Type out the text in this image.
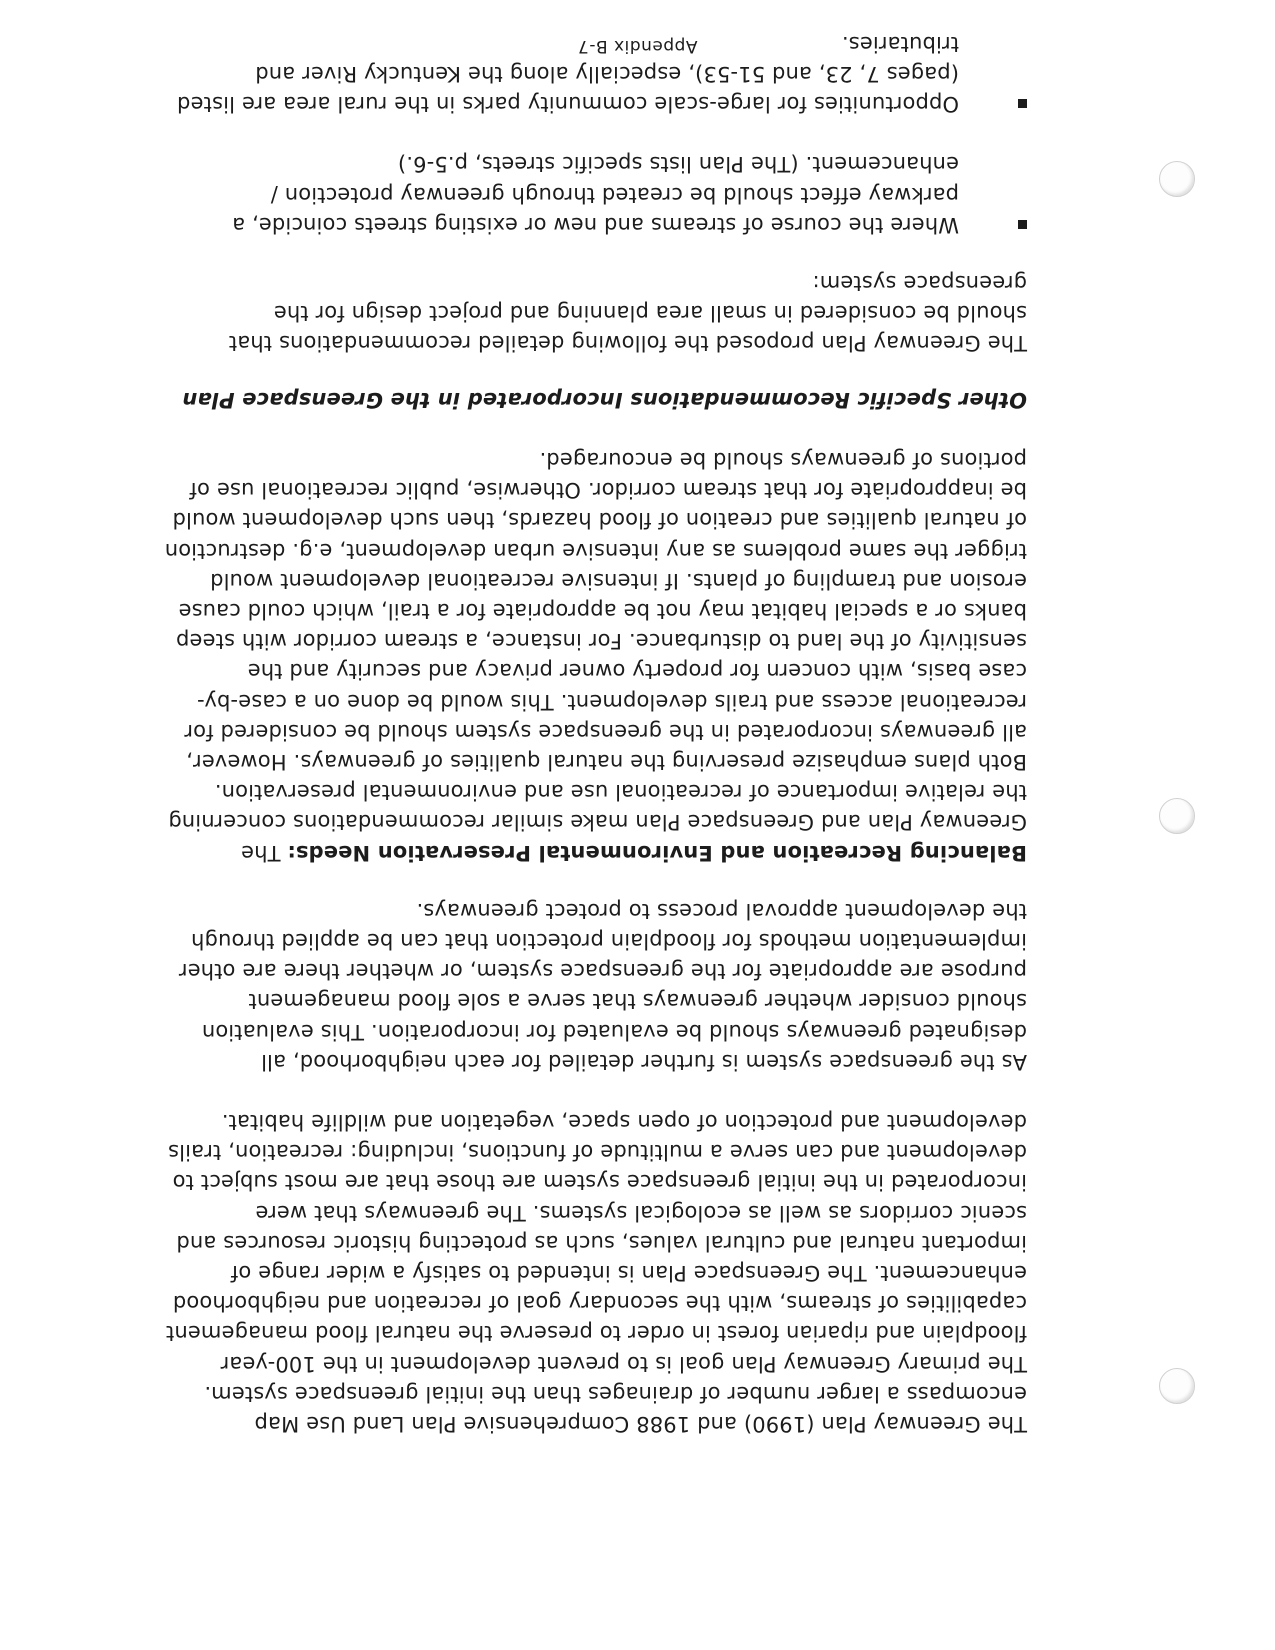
The Greenway Plan (1990) and 1988 Comprehensive Plan Land Use Map encompass a larger number of drainages than the initial greenspace system. The primary Greenway Plan goal is to prevent development in the 100-year floodplain and riparian forest in order to preserve the natural flood management capabilities of streams, with the secondary goal of recreation and neighborhood enhancement. The Greenspace Plan is intended to satisfy a wider range of important natural and cultural values, such as protecting historic resources and scenic corridors as well as ecological systems. The greenways that were incorporated in the initial greenspace system are those that are most subject to development and can serve a multitude of functions, including: recreation, trails development and protection of open space, vegetation and wildlife habitat.

As the greenspace system is further detailed for each neighborhood, all designated greenways should be evaluated for incorporation. This evaluation should consider whether greenways that serve a sole flood management purpose are appropriate for the greenspace system, or whether there are other implementation methods for floodplain protection that can be applied through the development approval process to protect greenways.

Balancing Recreation and Environmental Preservation Needs: The Greenway Plan and Greenspace Plan make similar recommendations concerning the relative importance of recreational use and environmental preservation. Both plans emphasize preserving the natural qualities of greenways. However, all greenways incorporated in the greenspace system should be considered for recreational access and trails development. This would be done on a case-by-case basis, with concern for property owner privacy and security and the sensitivity of the land to disturbance. For instance, a stream corridor with steep banks or a special habitat may not be appropriate for a trail, which could cause erosion and trampling of plants. If intensive recreational development would trigger the same problems as any intensive urban development, e.g. destruction of natural qualities and creation of flood hazards, then such development would be inappropriate for that stream corridor. Otherwise, public recreational use of portions of greenways should be encouraged.

Other Specific Recommendations Incorporated in the Greenspace Plan

The Greenway Plan proposed the following detailed recommendations that should be considered in small area planning and project design for the greenspace system:

Where the course of streams and new or existing streets coincide, a parkway effect should be created through greenway protection / enhancement. (The Plan lists specific streets, p.5-6.)
Opportunities for large-scale community parks in the rural area are listed (pages 7, 23, and 51-53), especially along the Kentucky River and tributaries.
Appendix B-7
